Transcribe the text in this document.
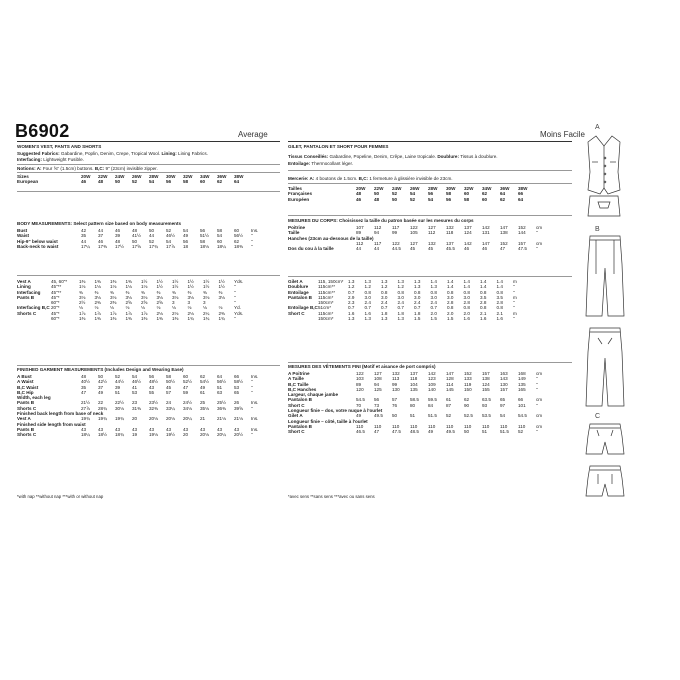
B6902	Average	Moins Facile
WOMEN'S VEST, PANTS AND SHORTS
Suggested Fabrics: Gabardine, Poplin, Denim, Crepe, Tropical Wool. Lining: Lining Fabrics.
Interfacing: Lightweight Fusible.
Notions: A: Four ⅝" (1.5cm) buttons. B,C: 9" (23cm) invisible zipper.
Sizes	20W	22W	24W	26W	28W	30W	32W	34W	36W	38W
European	46	48	50	52	54	56	58	60	62	64
BODY MEASUREMENTS: Select pattern size based on body measurements
Bust	42	44	46	48	50	52	54	56	58	60	Ins.
Waist	35	37	39	41½	44	46½	49	51½	54	56½	"
Hip-9" below waist	44	46	48	50	52	54	56	58	60	62	"
Back-neck to waist	17¼	17⅜	17½	17⅝	17¾	17⅞	18	18⅛	18¼	18⅜	"
Vest A	45, 60"*	1⅜	1⅜	1⅜	1⅜	1½	1½	1½	1½	1½	1½	Yds.
Lining	45"**	1⅛	1⅛	1⅛	1⅛	1⅛	1½	1½	1½	1½	1½	"
Interfacing	45"**	⅜	⅜	⅜	⅜	⅜	⅜	⅜	⅜	⅜	⅜	"
Pants B	45"*	3⅛	3⅛	3⅛	3⅛	3⅛	3⅛	3⅛	3⅛	3⅛	3⅛	"
	60"*	2½	2⅜	2⅜	2⅝	2⅝	2⅝	3	3	3		"
Interfacing B,C	20"*	⅛	⅛	⅛	⅛	⅛	⅛	⅛	⅛	⅛	⅛	Yd.
Shorts C	45"*	1⅞	1⅞	1⅞	1⅞	1⅞	2⅛	2⅛	2⅛	2¼	2⅜	Yds.
	60"*	1⅜	1⅜	1⅜	1⅜	1⅜	1⅜	1⅜	1¾	1¾	1¾	"
FINISHED GARMENT MEASUREMENTS (Includes Design and Wearing Ease)
A Bust	48	50	52	54	56	58	60	62	64	66	Ins.
A Waist	40½	42½	44½	46½	48½	50½	52½	54½	56½	58½	"
B,C Waist	35	37	39	41	43	45	47	49	51	53	"
B,C Hip	47	49	51	53	55	57	59	61	63	65	"
Width, each leg											
Pants B	21½	22	22½	23	23½	24	24½	25	25½	26	Ins.
Shorts C	27⅞	28¾	30⅛	31⅜	32⅜	33¼	34⅛	35⅛	36⅜	39⅝	"
Finished back length from base of neck											
Vest A	19¾	19¾	19¾	20	20⅛	20⅛	20¼	21	21⅛	21⅛	Ins.
Finished side length from waist											
Pants B	43	43	43	43	43	43	43	43	43	43	Ins.
Shorts C	18¼	18½	18¾	19	19⅛	19½	20	20⅛	20¼	20½	"
*with nap **without nap ***with or without nap
GILET, PANTALON ET SHORT POUR FEMMES
Tissus Conseillés: Gabardine, Popeline, Denim, Crêpe, Laine tropicale. Doublure: Tissus à doublure.
Entoilage: Thermocollant léger.
Mercerie: A: 4 boutons de 1.5cm. B,C: 1 fermeture à glissière invisible de 23cm.
Tailles	20W	22W	24W	26W	28W	30W	32W	34W	36W	38W
Françaises	48	50	52	54	56	58	60	62	64	66
Européen	46	48	50	52	54	56	58	60	62	64
MESURES DU CORPS: Choisissez la taille du patron basée sur les mesures du corps
Poitrine	107	112	117	122	127	132	137	142	147	152	cm
Taille	89	94	99	105	112	118	124	131	138	144	"
Hanches (23cm au-dessous de la taille)											
	112	117	122	127	132	137	142	147	152	157	cm
Dos du cou à la taille	44	44	44.5	45	45	45.5	46	46	47	47.5	"
Gilet A	115, 150cm*	1.3	1.3	1.3	1.3	1.3	1.4	1.4	1.4	1.4	1.4	m
Doublure	115cm**	1.2	1.2	1.2	1.2	1.3	1.3	1.4	1.4	1.4	1.4	"
Entoilage	115cm**	0.7	0.8	0.8	0.8	0.8	0.8	0.8	0.8	0.8	0.8	"
Pantalon B	115cm*	2.9	3.0	3.0	3.0	3.0	3.0	3.0	3.0	3.5	3.5	m
	150cm*	2.3	2.4	2.4	2.4	2.4	2.4	2.8	2.8	2.8	2.8	"
Entoilage B,C	51cm*	0.7	0.7	0.7	0.7	0.7	0.7	0.8	0.8	0.8	0.8	"
Short C	115cm*	1.6	1.6	1.8	1.8	1.8	2.0	2.0	2.0	2.1	2.1	m
	150cm*	1.3	1.3	1.3	1.3	1.5	1.5	1.5	1.6	1.6	1.6	"
MESURES DES VÊTEMENTS FINI (Motif et aisance de port compris)
A Poitrine	122	127	132	137	142	147	152	157	163	168	cm
A Taille	103	108	113	118	123	128	133	138	143	149	"
B,C Taille	89	94	99	104	109	114	119	124	130	135	"
B,C Hanches	120	125	130	135	140	145	150	155	157	165	"
Largeur, chaque jambe											
Pantalon B	54.5	56	57	58.5	59.5	61	62	63.5	65	66	cm
Short C	70	73	76	80	84	87	90	93	97	101	"
Longueur finie – dos, votre nuque à l'ourlet											
Gilet A	49	49.5	50	51	51.5	52	52.5	53.5	54	54.5	cm
Longueur finie – côté, taille à l'ourlet											
Pantalon B	110	110	110	110	110	110	110	110	110	110	cm
Short C	46.5	47	47.5	48.5	49	49.5	50	51	51.5	52	"
*avec sens **sans sens ***avec ou sans sens
A
B
C
